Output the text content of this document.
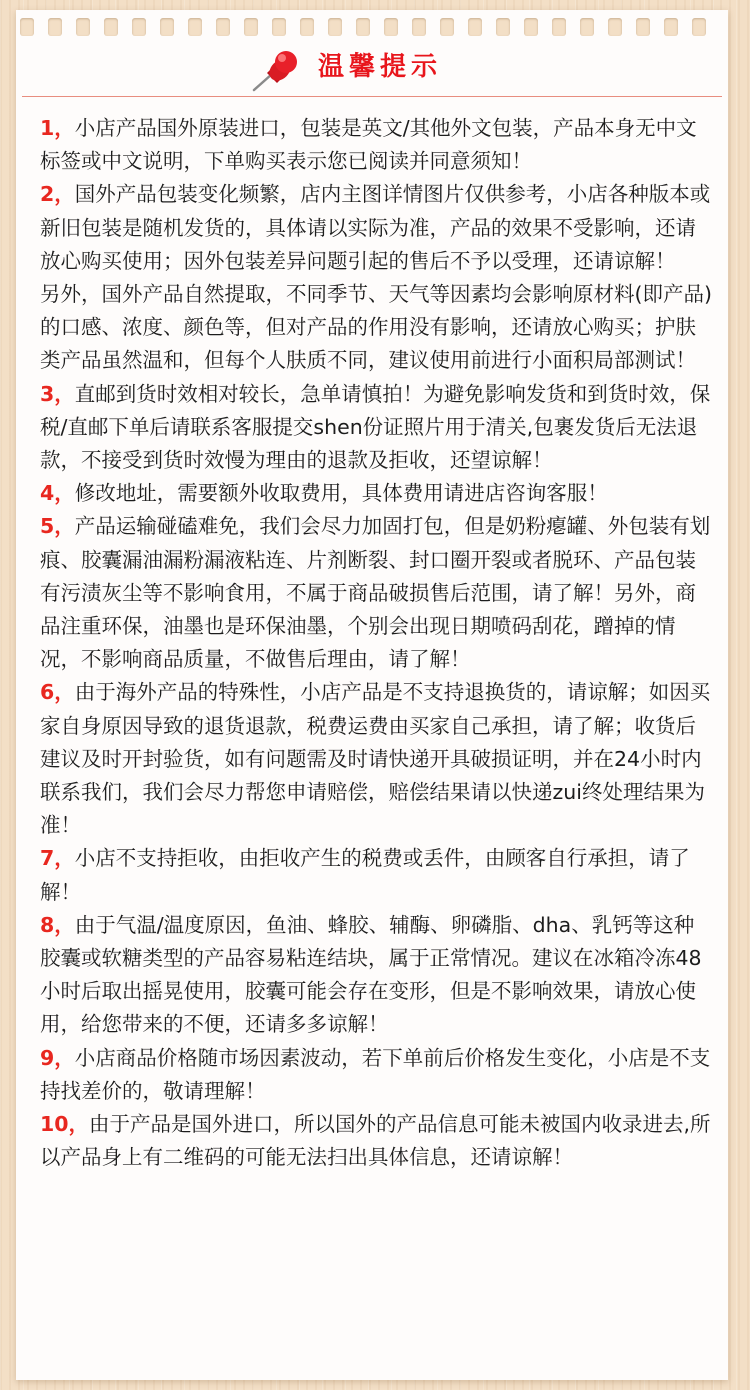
温馨提示

1，小店产品国外原装进口，包装是英文/其他外文包装，产品本身无中文标签或中文说明，下单购买表示您已阅读并同意须知！

2，国外产品包装变化频繁，店内主图详情图片仅供参考，小店各种版本或新旧包装是随机发货的，具体请以实际为准，产品的效果不受影响，还请放心购买使用；因外包装差异问题引起的售后不予以受理，还请谅解！

另外，国外产品自然提取，不同季节、天气等因素均会影响原材料(即产品)的口感、浓度、颜色等，但对产品的作用没有影响，还请放心购买；护肤类产品虽然温和，但每个人肤质不同，建议使用前进行小面积局部测试！

3，直邮到货时效相对较长，急单请慎拍！为避免影响发货和到货时效，保税/直邮下单后请联系客服提交shen份证照片用于清关,包裹发货后无法退款，不接受到货时效慢为理由的退款及拒收，还望谅解！

4，修改地址，需要额外收取费用，具体费用请进店咨询客服！

5，产品运输碰磕难免，我们会尽力加固打包，但是奶粉瘪罐、外包装有划痕、胶囊漏油漏粉漏液粘连、片剂断裂、封口圈开裂或者脱环、产品包装有污渍灰尘等不影响食用，不属于商品破损售后范围，请了解！另外，商品注重环保，油墨也是环保油墨，个别会出现日期喷码刮花，蹭掉的情况，不影响商品质量，不做售后理由，请了解！

6，由于海外产品的特殊性，小店产品是不支持退换货的，请谅解；如因买家自身原因导致的退货退款，税费运费由买家自己承担，请了解；收货后建议及时开封验货，如有问题需及时请快递开具破损证明，并在24小时内联系我们，我们会尽力帮您申请赔偿，赔偿结果请以快递zui终处理结果为准！

7，小店不支持拒收，由拒收产生的税费或丢件，由顾客自行承担，请了解！

8，由于气温/温度原因，鱼油、蜂胶、辅酶、卵磷脂、dha、乳钙等这种胶囊或软糖类型的产品容易粘连结块，属于正常情况。建议在冰箱冷冻48小时后取出摇晃使用，胶囊可能会存在变形，但是不影响效果，请放心使用，给您带来的不便，还请多多谅解！

9，小店商品价格随市场因素波动，若下单前后价格发生变化，小店是不支持找差价的，敬请理解！

10，由于产品是国外进口，所以国外的产品信息可能未被国内收录进去,所以产品身上有二维码的可能无法扫出具体信息，还请谅解！
